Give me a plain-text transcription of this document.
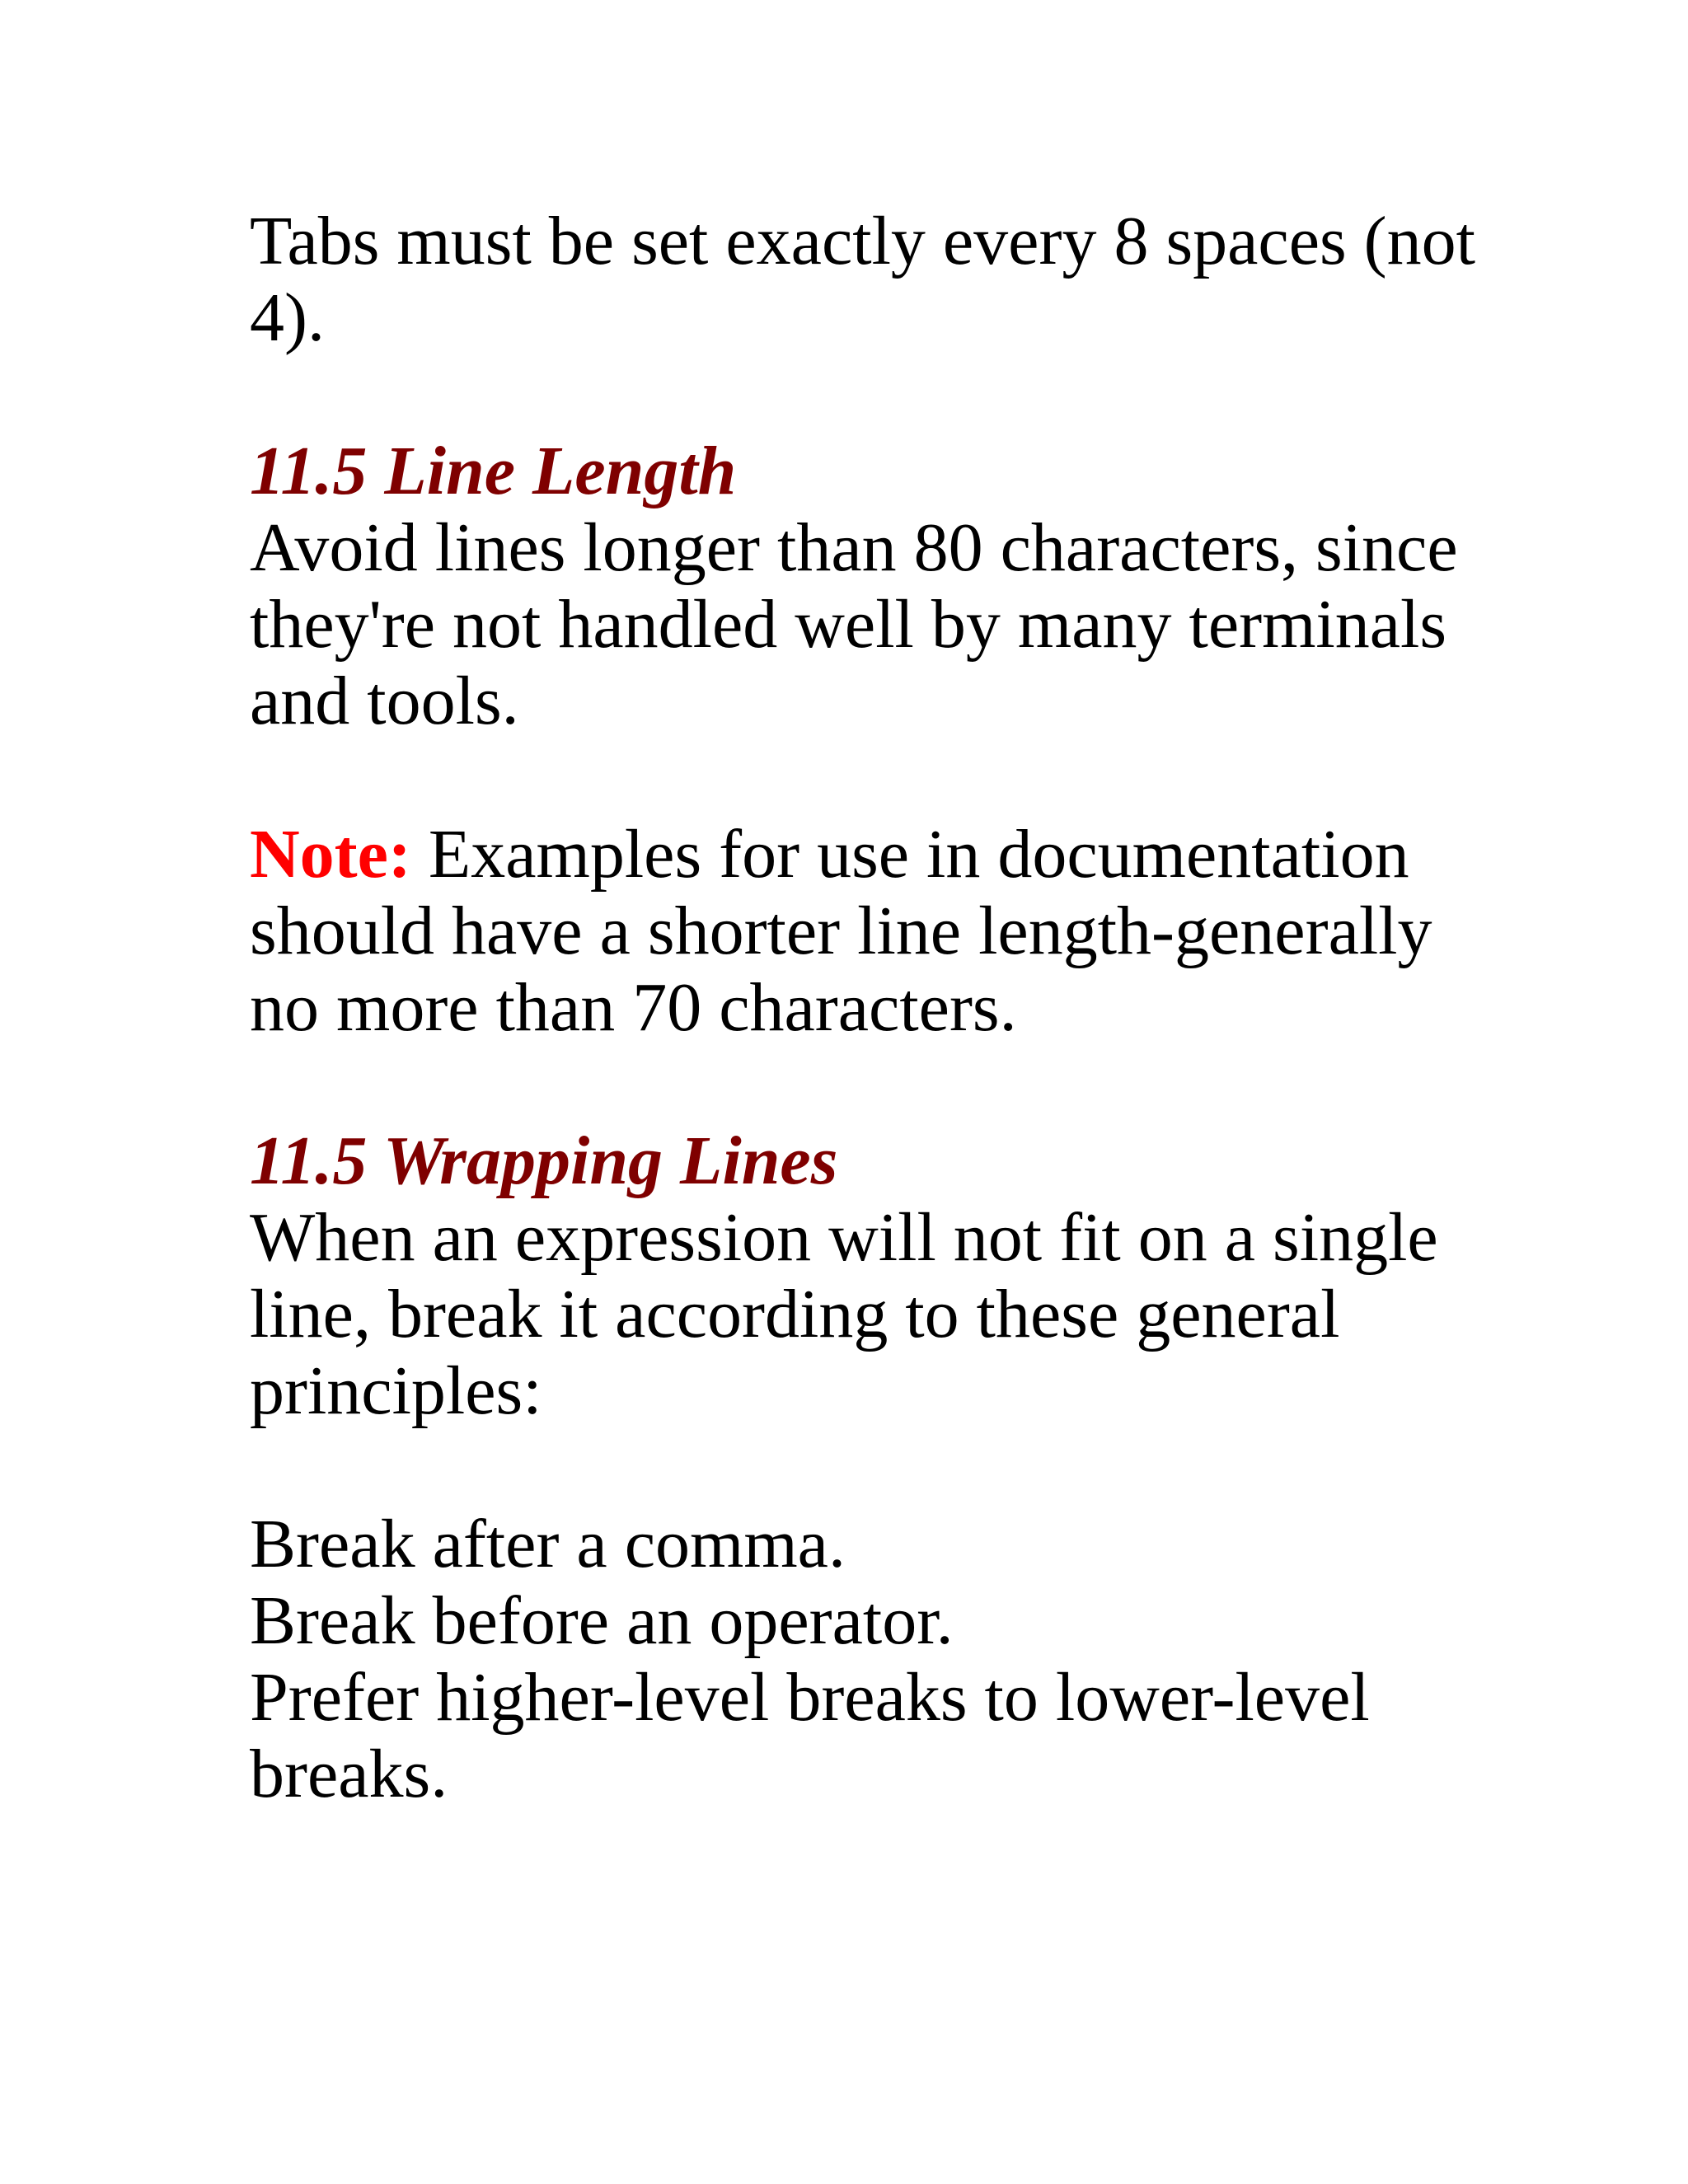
Tabs must be set exactly every 8 spaces (not
4).
11.5 Line Length
Avoid lines longer than 80 characters, since
they're not handled well by many terminals
and tools.
Note: Examples for use in documentation
should have a shorter line length-generally
no more than 70 characters.
11.5 Wrapping Lines
When an expression will not fit on a single
line, break it according to these general
principles:
Break after a comma.
Break before an operator.
Prefer higher-level breaks to lower-level
breaks.
